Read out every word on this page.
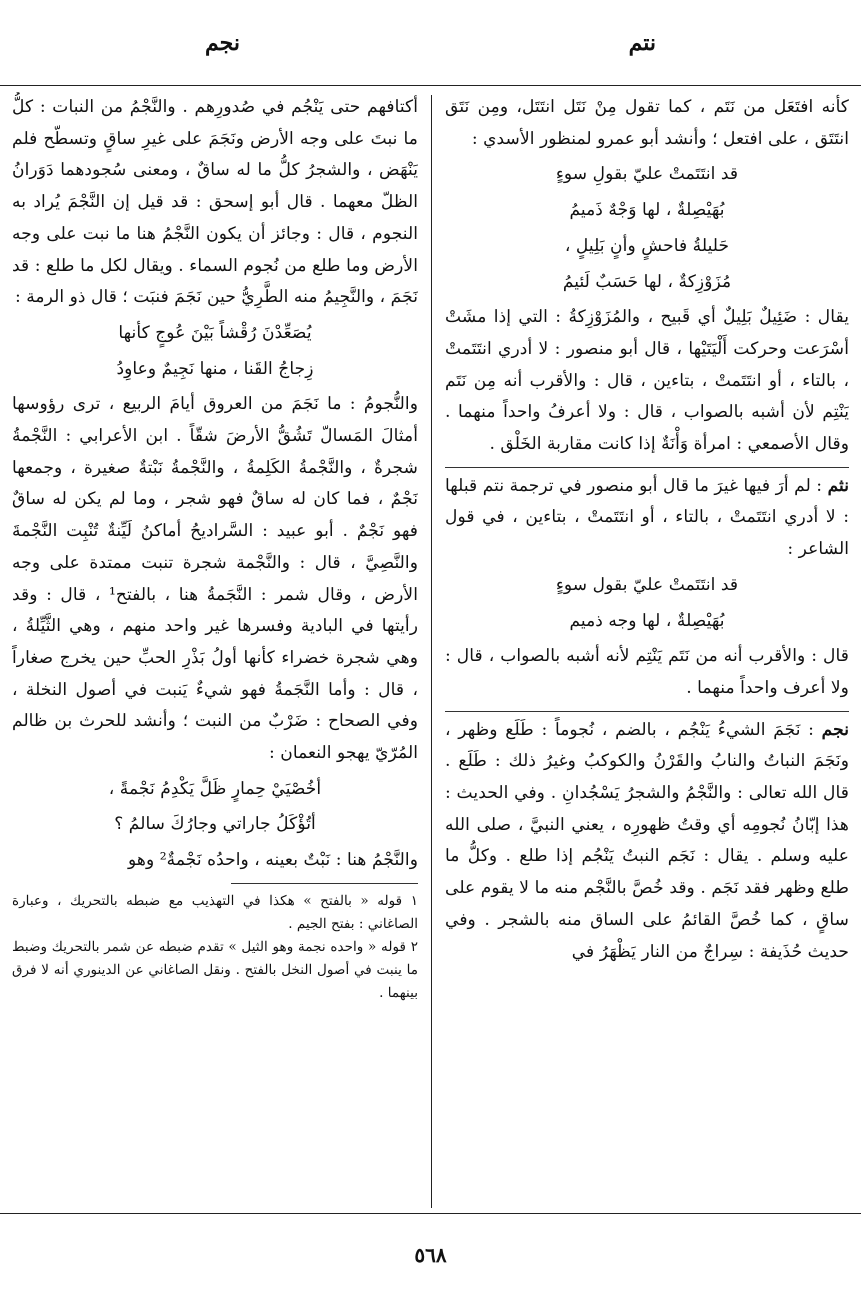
نتم
نجم

كأنه افتَعَل من نَتَم ، كما تقول مِنْ نَتَل انتَتَل، ومِن نَتَق انتَتَق ، على افتعل ؛ وأنشد أبو عمرو لمنظور الأسدي :

قد انتَتَمتْ عليّ بقولِ سوءٍ

بُهَيْصِلةٌ ، لها وَجْهٌ ذَميمُ

حَليلةُ فاحشٍ وأنٍ بَلِيلٍ ،

مُزَوْزِكةٌ ، لها حَسَبٌ لَئيمُ

يقال : ضَئِيلٌ بَلِيلٌ أي قَبيح ، والمُزَوْزِكةُ : التي إذا مشَتْ أسْرَعت وحركت أَلْيَتَيْها ، قال أبو منصور : لا أدري انتَتَمتْ ، بالتاء ، أو انتَتَمتْ ، بتاءين ، قال : والأقرب أنه مِن نَتَم يَنْتِم لأن أشبه بالصواب ، قال : ولا أعرفُ واحداً منهما . وقال الأصمعي : امرأة وَأْنَةٌ إذا كانت مقاربة الخَلْق .

نثم : لم أرَ فيها غيرَ ما قال أبو منصور في ترجمة نتم قبلها : لا أدري انتَتَمتْ ، بالتاء ، أو انتَتَمتْ ، بتاءين ، في قول الشاعر :

قد انتَتَمتْ عليّ بقول سوءٍ

بُهَيْصِلةٌ ، لها وجه ذميم

قال : والأقرب أنه من نَتَم يَنْتِم لأنه أشبه بالصواب ، قال : ولا أعرف واحداً منهما .

نجم : نَجَمَ الشيءُ يَنْجُم ، بالضم ، نُجوماً : طَلَع وظهر ، ونَجَمَ النباتُ والنابُ والقَرْنُ والكوكبُ وغيرُ ذلك : طَلَع . قال الله تعالى : والنَّجْمُ والشجرُ يَسْجُدانِ . وفي الحديث : هذا إبّانُ نُجومِه أي وقتُ ظهورِه ، يعني النبيَّ ، صلى الله عليه وسلم . يقال : نَجَم النبتُ يَنْجُم إذا طلع . وكلُّ ما طلع وظهر فقد نَجَم . وقد خُصَّ بالنَّجْم منه ما لا يقوم على ساقٍ ، كما خُصَّ القائمُ على الساق منه بالشجر . وفي حديث حُذَيفة : سِراجٌ من النار يَظْهَرُ في

أكتافهم حتى يَنْجُم في صُدورِهم . والنَّجْمُ من النبات : كلُّ ما نبتَ على وجه الأرض ونَجَمَ على غيرِ ساقٍ وتسطّح فلم يَنْهَض ، والشجرُ كلُّ ما له ساقٌ ، ومعنى سُجودهما دَوَرانُ الظلّ معهما . قال أبو إسحق : قد قيل إن النَّجْمَ يُراد به النجوم ، قال : وجائز أن يكون النَّجْمُ هنا ما نبت على وجه الأرض وما طلع من نُجوم السماء . ويقال لكل ما طلع : قد نَجَمَ ، والنَّجِيمُ منه الطَّرِيُّ حين نَجَمَ فنبَت ؛ قال ذو الرمة :

يُصَعِّدْنَ رُقْشاً بَيْنَ عُوجٍ كأنها

زِجاجُ القَنا ، منها نَجِيمٌ وعاوِدُ

والنُّجومُ : ما نَجَمَ من العروق أيامَ الربيع ، ترى رؤوسها أمثالَ المَسالّ تَشُقُّ الأرضَ شقّاً . ابن الأعرابي : النَّجْمةُ شجرةٌ ، والنَّجْمةُ الكَلِمةُ ، والنَّجْمةُ نَبْتةٌ صغيرة ، وجمعها نَجْمٌ ، فما كان له ساقٌ فهو شجر ، وما لم يكن له ساقٌ فهو نَجْمٌ . أبو عبيد : السَّراديحُ أماكنُ لَيِّنةٌ تُنْبِت النَّجْمةَ والنَّصِيَّ ، قال : والنَّجْمة شجرة تنبت ممتدة على وجه الأرض ، وقال شمر : النَّجَمةُ هنا ، بالفتح¹ ، قال : وقد رأيتها في البادية وفسرها غير واحد منهم ، وهي الثَّيِّلةُ ، وهي شجرة خضراء كأنها أولُ بَذْرِ الحبِّ حين يخرج صغاراً ، قال : وأما النَّجَمةُ فهو شيءٌ يَنبت في أصول النخلة ، وفي الصحاح : ضَرْبٌ من النبت ؛ وأنشد للحرث بن ظالم المُرّيّ يهجو النعمان :

أخُصْيَيْ حِمارٍ ظَلَّ يَكْدِمُ نَجْمةً ،

أتُؤْكَلُ جاراتي وجارُكَ سالمُ ؟

والنَّجْمُ هنا : نَبْتٌ بعينه ، واحدُه نَجْمةٌ² وهو

١ قوله « بالفتح » هكذا في التهذيب مع ضبطه بالتحريك ، وعبارة الصاغاني : بفتح الجيم .

٢ قوله « واحده نجمة وهو الثيل » تقدم ضبطه عن شمر بالتحريك وضبط ما ينبت في أصول النخل بالفتح . ونقل الصاغاني عن الدينوري أنه لا فرق بينهما .

٥٦٨
